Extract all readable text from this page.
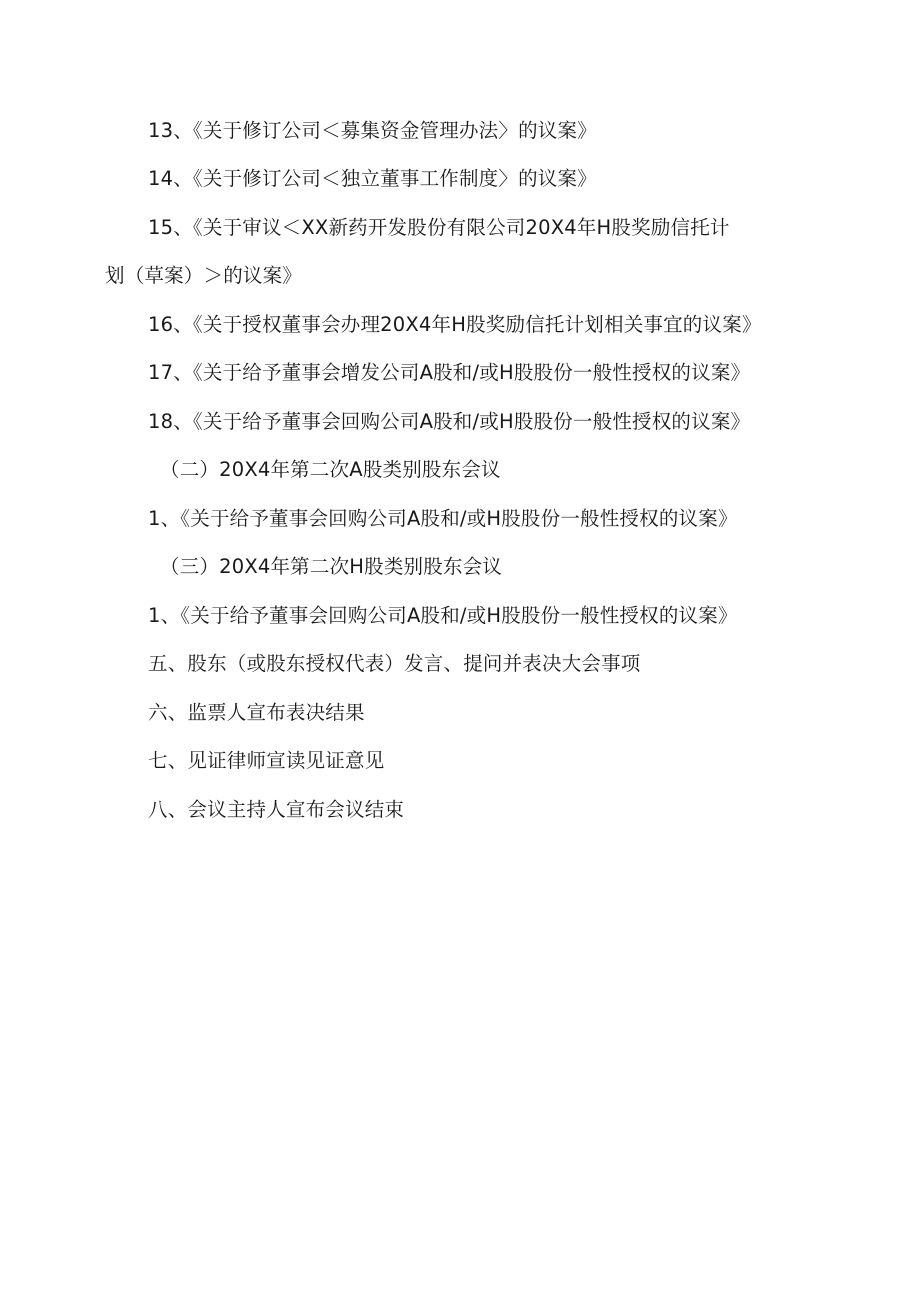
13、《关于修订公司＜募集资金管理办法〉的议案》
14、《关于修订公司＜独立董事工作制度〉的议案》
15、《关于审议＜XX新药开发股份有限公司20X4年H股奖励信托计
划（草案）＞的议案》
16、《关于授权董事会办理20X4年H股奖励信托计划相关事宜的议案》
17、《关于给予董事会增发公司A股和/或H股股份一般性授权的议案》
18、《关于给予董事会回购公司A股和/或H股股份一般性授权的议案》
（二）20X4年第二次A股类别股东会议
1、《关于给予董事会回购公司A股和/或H股股份一般性授权的议案》
（三）20X4年第二次H股类别股东会议
1、《关于给予董事会回购公司A股和/或H股股份一般性授权的议案》
五、股东（或股东授权代表）发言、提问并表决大会事项
六、监票人宣布表决结果
七、见证律师宣读见证意见
八、会议主持人宣布会议结束
